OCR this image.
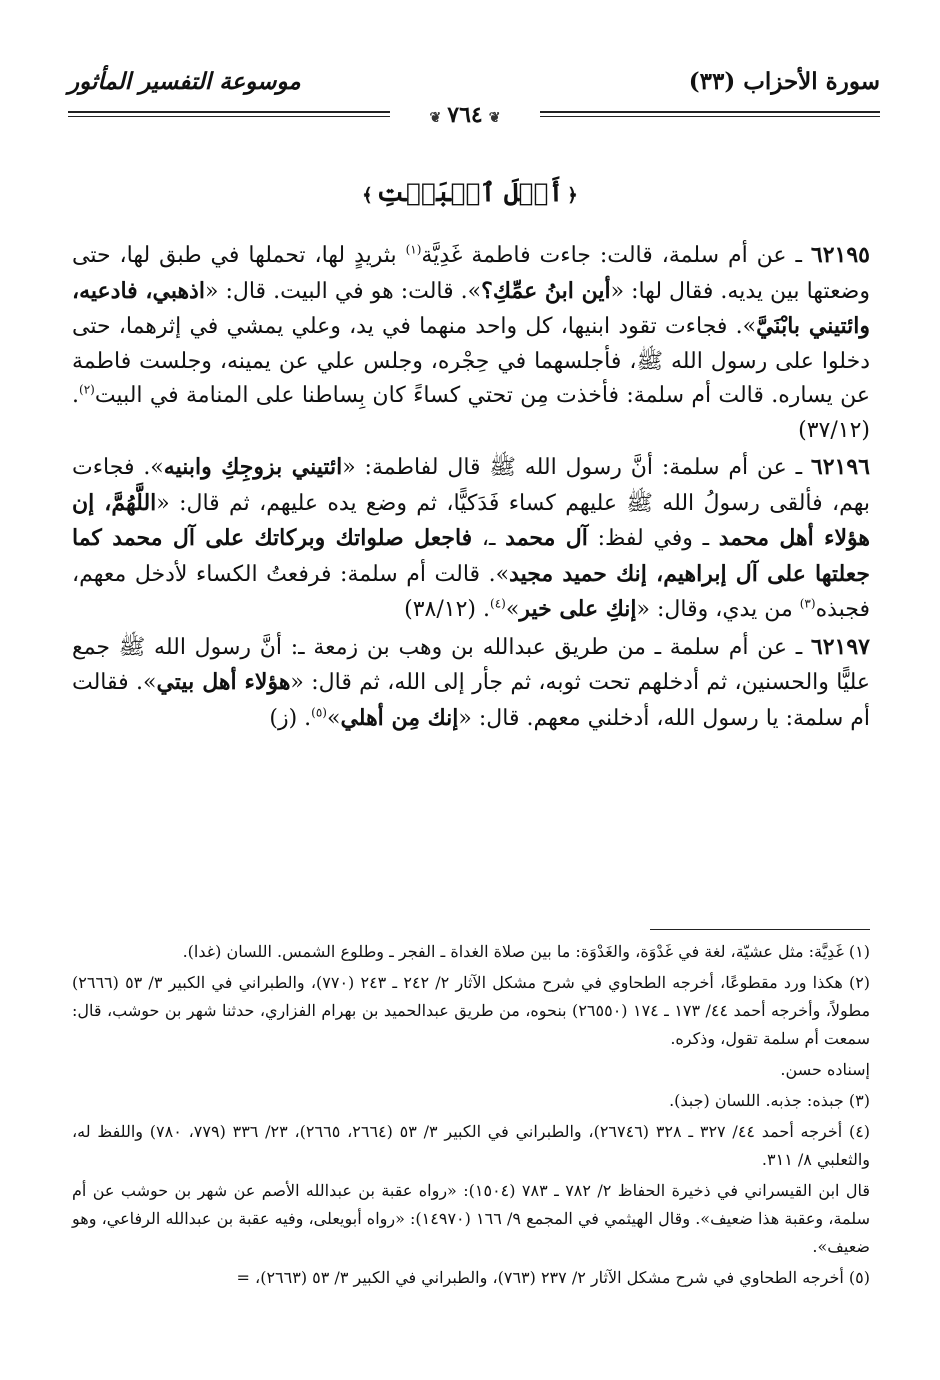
سورة الأحزاب (٣٣)
موسوعة التفسير المأثور
❦٧٦٤❦
﴿أَهۡلَ ٱلۡبَيۡتِ﴾

٦٢١٩٥ ـ عن أم سلمة، قالت: جاءت فاطمة غَدِيَّة$^{(١)}$ بثريدٍ لها، تحملها في طبق لها، حتى وضعتها بين يديه. فقال لها: «أين ابنُ عمِّكِ؟». قالت: هو في البيت. قال: «اذهبي، فادعيه، وائتيني بابْنَيَّ». فجاءت تقود ابنيها، كل واحد منهما في يد، وعلي يمشي في إثرهما، حتى دخلوا على رسول الله ﷺ، فأجلسهما في حِجْره، وجلس علي عن يمينه، وجلست فاطمة عن يساره. قالت أم سلمة: فأخذت مِن تحتي كساءً كان بِساطنا على المنامة في البيت$^{(٢)}$. (٣٧/١٢)

٦٢١٩٦ ـ عن أم سلمة: أنَّ رسول الله ﷺ قال لفاطمة: «ائتيني بزوجِكِ وابنيه». فجاءت بهم، فألقى رسولُ الله ﷺ عليهم كساء فَدَكيًّا، ثم وضع يده عليهم، ثم قال: «اللَّهُمَّ، إن هؤلاء أهل محمد ـ وفي لفظ: آل محمد ـ، فاجعل صلواتك وبركاتك على آل محمد كما جعلتها على آل إبراهيم، إنك حميد مجيد». قالت أم سلمة: فرفعتُ الكساء لأدخل معهم، فجبذه$^{(٣)}$ من يدي، وقال: «إنكِ على خير»$^{(٤)}$. (٣٨/١٢)

٦٢١٩٧ ـ عن أم سلمة ـ من طريق عبدالله بن وهب بن زمعة ـ: أنَّ رسول الله ﷺ جمع عليًّا والحسنين، ثم أدخلهم تحت ثوبه، ثم جأر إلى الله، ثم قال: «هؤلاء أهل بيتي». فقالت أم سلمة: يا رسول الله، أدخلني معهم. قال: «إنك مِن أهلي»$^{(٥)}$. (ز)

(١) غَدِيَّة: مثل عشيّة، لغة في غَدْوَة، والغَدْوَة: ما بين صلاة الغداة ـ الفجر ـ وطلوع الشمس. اللسان (غدا).

(٢) هكذا ورد مقطوعًا، أخرجه الطحاوي في شرح مشكل الآثار ٢/ ٢٤٢ ـ ٢٤٣ (٧٧٠)، والطبراني في الكبير ٣/ ٥٣ (٢٦٦٦) مطولاً، وأخرجه أحمد ٤٤/ ١٧٣ ـ ١٧٤ (٢٦٥٥٠) بنحوه، من طريق عبدالحميد بن بهرام الفزاري، حدثنا شهر بن حوشب، قال: سمعت أم سلمة تقول، وذكره.

إسناده حسن.

(٣) جبذه: جذبه. اللسان (جبذ).

(٤) أخرجه أحمد ٤٤/ ٣٢٧ ـ ٣٢٨ (٢٦٧٤٦)، والطبراني في الكبير ٣/ ٥٣ (٢٦٦٤، ٢٦٦٥)، ٢٣/ ٣٣٦ (٧٧٩، ٧٨٠) واللفظ له، والثعلبي ٨/ ٣١١.

قال ابن القيسراني في ذخيرة الحفاظ ٢/ ٧٨٢ ـ ٧٨٣ (١٥٠٤): «رواه عقبة بن عبدالله الأصم عن شهر بن حوشب عن أم سلمة، وعقبة هذا ضعيف». وقال الهيثمي في المجمع ٩/ ١٦٦ (١٤٩٧٠): «رواه أبويعلى، وفيه عقبة بن عبدالله الرفاعي، وهو ضعيف».

(٥) أخرجه الطحاوي في شرح مشكل الآثار ٢/ ٢٣٧ (٧٦٣)، والطبراني في الكبير ٣/ ٥٣ (٢٦٦٣)، =
